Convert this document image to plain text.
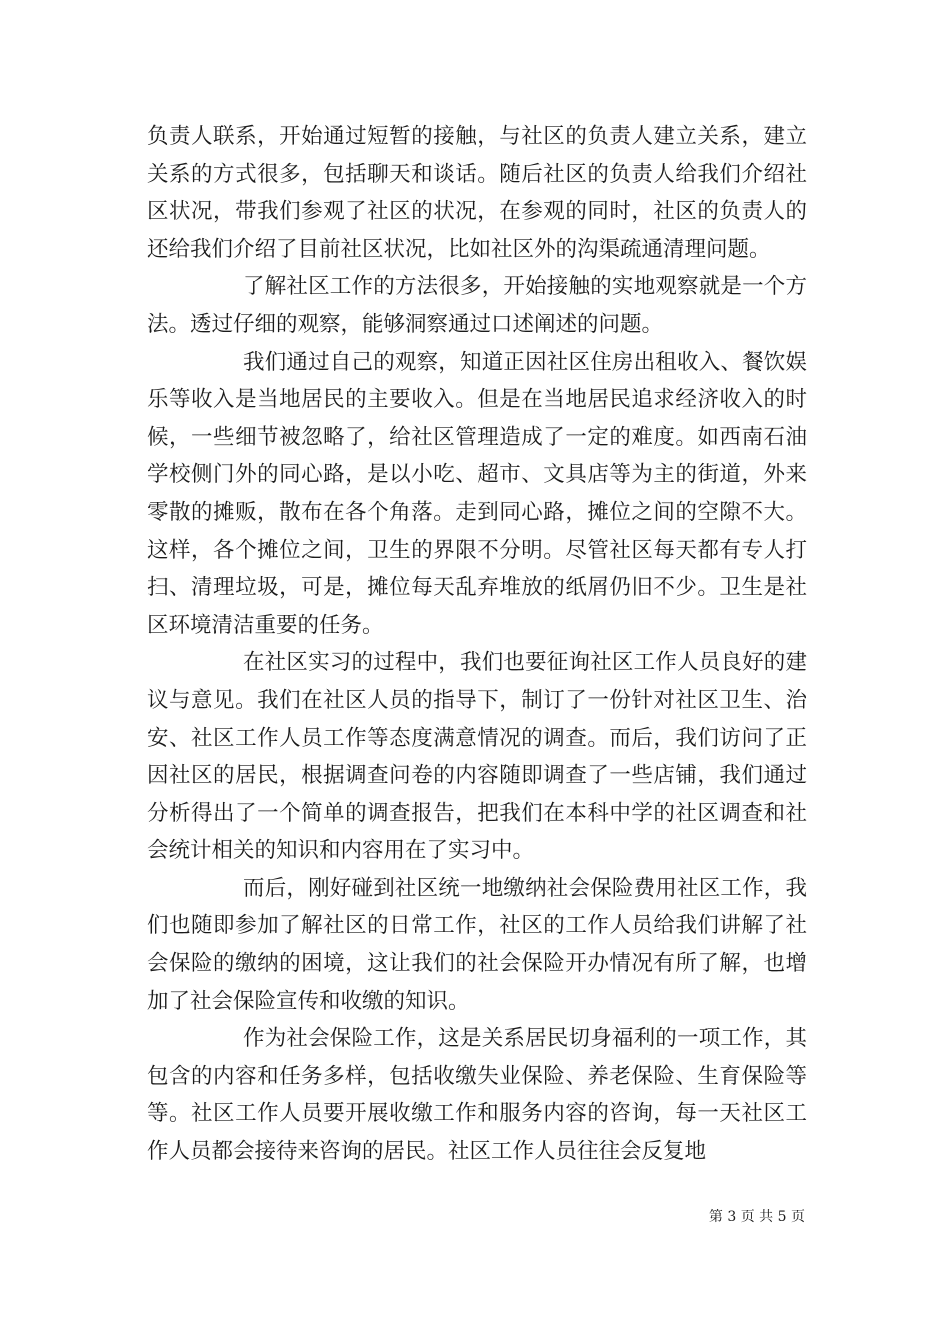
负责人联系，开始通过短暂的接触，与社区的负责人建立关系，建立关系的方式很多，包括聊天和谈话。随后社区的负责人给我们介绍社区状况，带我们参观了社区的状况，在参观的同时，社区的负责人的还给我们介绍了目前社区状况，比如社区外的沟渠疏通清理问题。

了解社区工作的方法很多，开始接触的实地观察就是一个方法。透过仔细的观察，能够洞察通过口述阐述的问题。

我们通过自己的观察，知道正因社区住房出租收入、餐饮娱乐等收入是当地居民的主要收入。但是在当地居民追求经济收入的时候，一些细节被忽略了，给社区管理造成了一定的难度。如西南石油学校侧门外的同心路，是以小吃、超市、文具店等为主的街道，外来零散的摊贩，散布在各个角落。走到同心路，摊位之间的空隙不大。这样，各个摊位之间，卫生的界限不分明。尽管社区每天都有专人打扫、清理垃圾，可是，摊位每天乱弃堆放的纸屑仍旧不少。卫生是社区环境清洁重要的任务。

在社区实习的过程中，我们也要征询社区工作人员良好的建议与意见。我们在社区人员的指导下，制订了一份针对社区卫生、治安、社区工作人员工作等态度满意情况的调查。而后，我们访问了正因社区的居民，根据调查问卷的内容随即调查了一些店铺，我们通过分析得出了一个简单的调查报告，把我们在本科中学的社区调查和社会统计相关的知识和内容用在了实习中。

而后，刚好碰到社区统一地缴纳社会保险费用社区工作，我们也随即参加了解社区的日常工作，社区的工作人员给我们讲解了社会保险的缴纳的困境，这让我们的社会保险开办情况有所了解，也增加了社会保险宣传和收缴的知识。

作为社会保险工作，这是关系居民切身福利的一项工作，其包含的内容和任务多样，包括收缴失业保险、养老保险、生育保险等等。社区工作人员要开展收缴工作和服务内容的咨询，每一天社区工作人员都会接待来咨询的居民。社区工作人员往往会反复地

第 3 页 共 5 页
